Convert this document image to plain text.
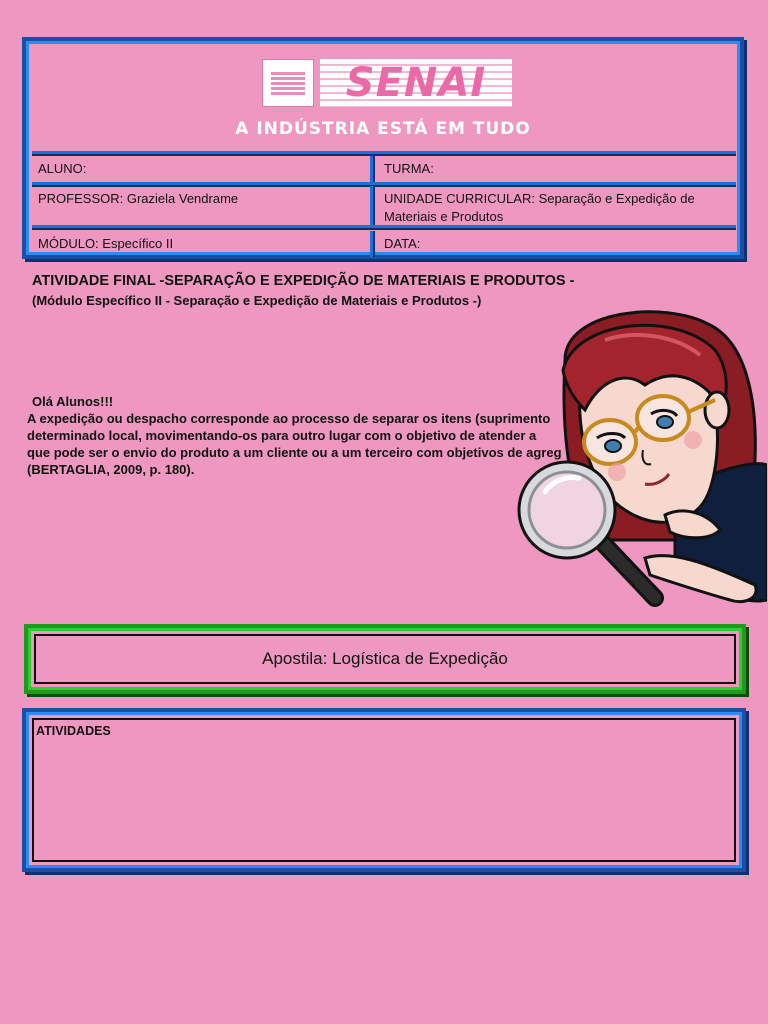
SENAI
A INDÚSTRIA ESTÁ EM TUDO
ALUNO:	TURMA:
PROFESSOR: Graziela Vendrame	UNIDADE CURRICULAR: Separação e Expedição de
Materiais e Produtos
MÓDULO: Específico II	DATA:
ATIVIDADE FINAL -SEPARAÇÃO E EXPEDIÇÃO DE MATERIAIS E PRODUTOS -
(Módulo Específico II - Separação e Expedição de Materiais e Produtos -)

Olá Alunos!!!

A expedição ou despacho corresponde ao processo de separar os itens (suprimento

determinado local, movimentando-os para outro lugar com o objetivo de atender a

que pode ser o envio do produto a um cliente ou a um terceiro com objetivos de agreg

(BERTAGLIA, 2009, p. 180).

Apostila: Logística de Expedição
ATIVIDADES
